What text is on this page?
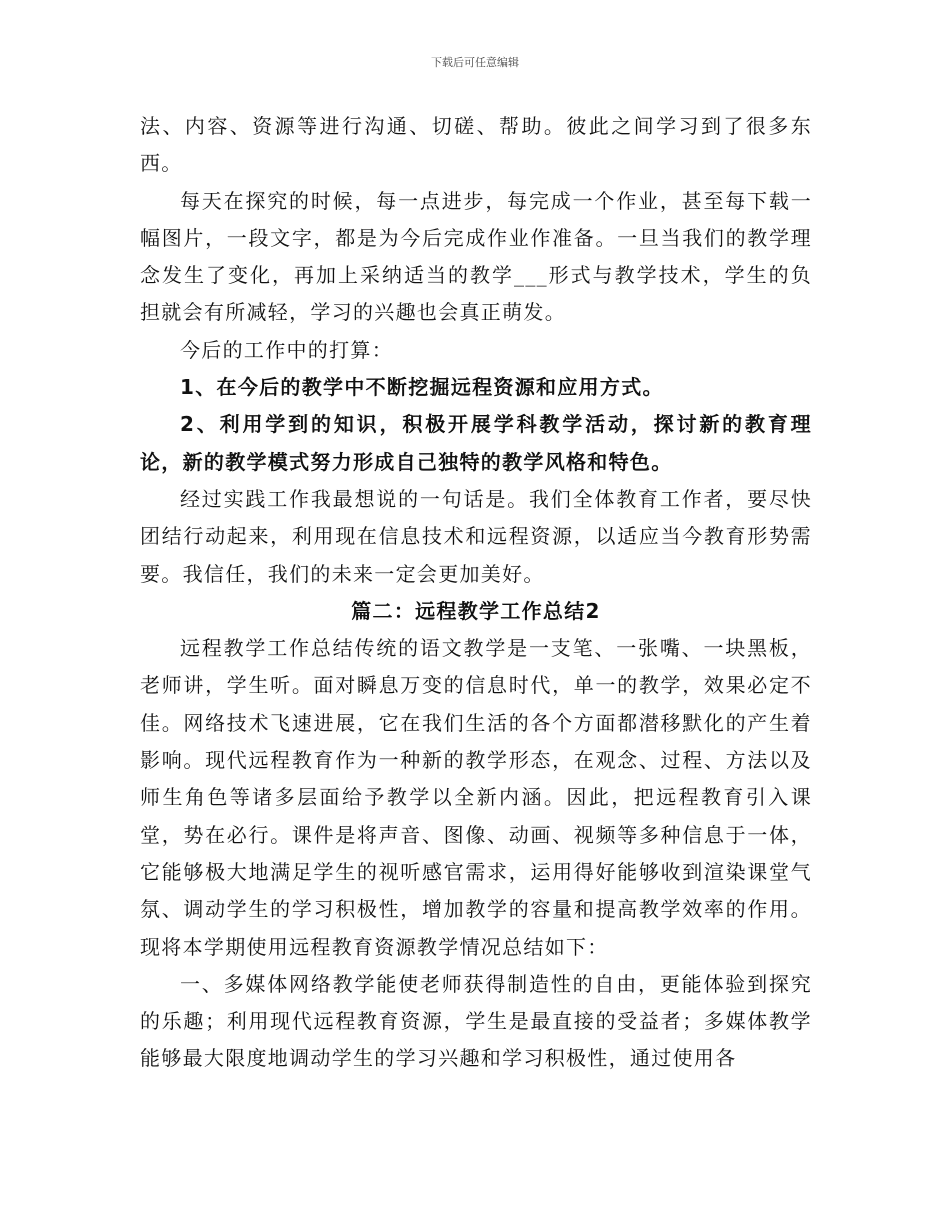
下载后可任意编辑

法、内容、资源等进行沟通、切磋、帮助。彼此之间学习到了很多东西。

每天在探究的时候，每一点进步，每完成一个作业，甚至每下载一幅图片，一段文字，都是为今后完成作业作准备。一旦当我们的教学理念发生了变化，再加上采纳适当的教学___形式与教学技术，学生的负担就会有所减轻，学习的兴趣也会真正萌发。

今后的工作中的打算：

1、在今后的教学中不断挖掘远程资源和应用方式。

2、利用学到的知识，积极开展学科教学活动，探讨新的教育理论，新的教学模式努力形成自己独特的教学风格和特色。

经过实践工作我最想说的一句话是。我们全体教育工作者，要尽快团结行动起来，利用现在信息技术和远程资源，以适应当今教育形势需要。我信任，我们的未来一定会更加美好。

篇二：远程教学工作总结2

远程教学工作总结传统的语文教学是一支笔、一张嘴、一块黑板，老师讲，学生听。面对瞬息万变的信息时代，单一的教学，效果必定不佳。网络技术飞速进展，它在我们生活的各个方面都潜移默化的产生着影响。现代远程教育作为一种新的教学形态，在观念、过程、方法以及师生角色等诸多层面给予教学以全新内涵。因此，把远程教育引入课堂，势在必行。课件是将声音、图像、动画、视频等多种信息于一体，它能够极大地满足学生的视听感官需求，运用得好能够收到渲染课堂气氛、调动学生的学习积极性，增加教学的容量和提高教学效率的作用。现将本学期使用远程教育资源教学情况总结如下：

一、多媒体网络教学能使老师获得制造性的自由，更能体验到探究的乐趣；利用现代远程教育资源，学生是最直接的受益者；多媒体教学能够最大限度地调动学生的学习兴趣和学习积极性，通过使用各
